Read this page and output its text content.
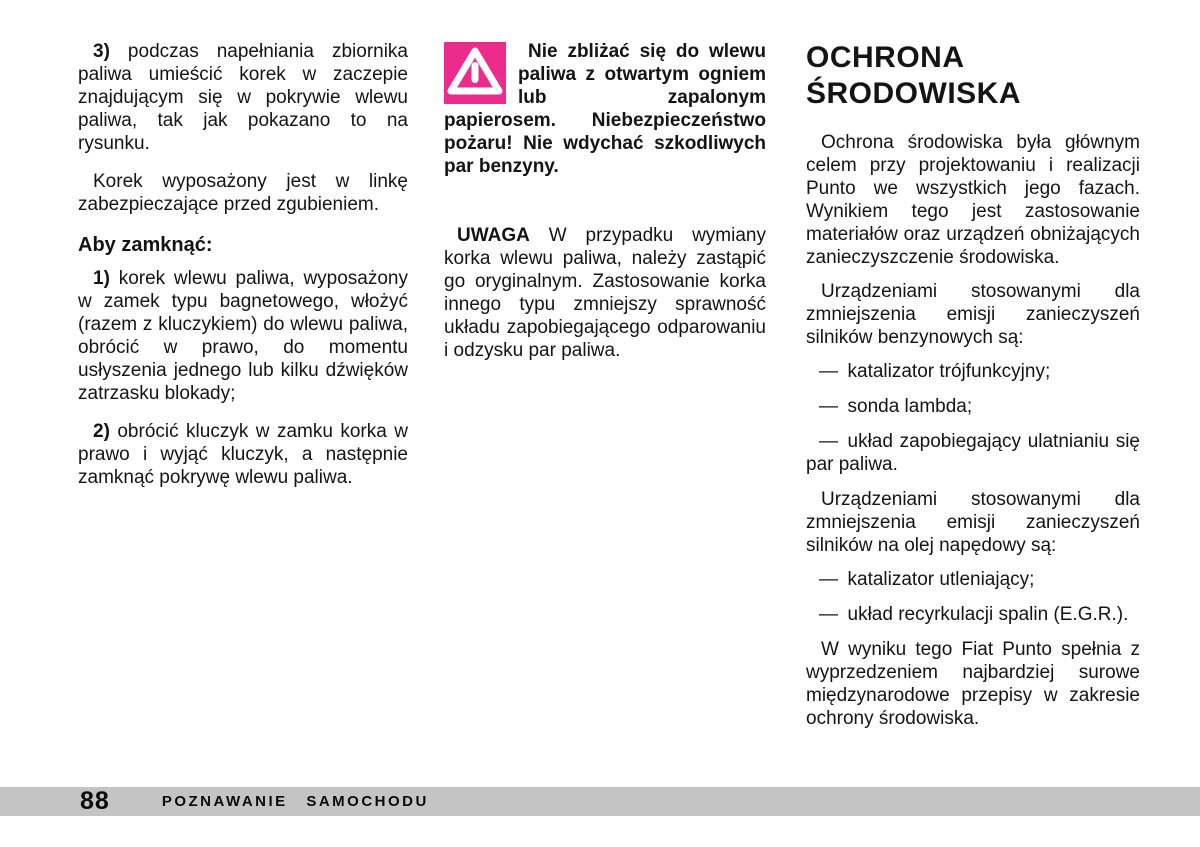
3) podczas napełniania zbiornika paliwa umieścić korek w zaczepie znajdującym się w pokrywie wlewu paliwa, tak jak pokazano to na rysunku.

Korek wyposażony jest w linkę zabezpieczające przed zgubieniem.

Aby zamknąć:

1) korek wlewu paliwa, wyposażony w zamek typu bagnetowego, włożyć (razem z kluczykiem) do wlewu paliwa, obrócić w prawo, do momentu usłyszenia jednego lub kilku dźwięków zatrzasku blokady;

2) obrócić kluczyk w zamku korka w prawo i wyjąć kluczyk, a następnie zamknąć pokrywę wlewu paliwa.

Nie zbliżać się do wlewu paliwa z otwartym ogniem lub zapalonym papierosem. Niebezpieczeństwo pożaru! Nie wdychać szkodliwych par benzyny.

UWAGA W przypadku wymiany korka wlewu paliwa, należy zastąpić go oryginalnym. Zastosowanie korka innego typu zmniejszy sprawność układu zapobiegającego odparowaniu i odzysku par paliwa.

OCHRONA ŚRODOWISKA

Ochrona środowiska była głównym celem przy projektowaniu i realizacji Punto we wszystkich jego fazach. Wynikiem tego jest zastosowanie materiałów oraz urządzeń obniżających zanieczyszczenie środowiska.

Urządzeniami stosowanymi dla zmniejszenia emisji zanieczyszeń silników benzynowych są:

— katalizator trójfunkcyjny;

— sonda lambda;

— układ zapobiegający ulatnianiu się par paliwa.

Urządzeniami stosowanymi dla zmniejszenia emisji zanieczyszeń silników na olej napędowy są:

— katalizator utleniający;

— układ recyrkulacji spalin (E.G.R.).

W wyniku tego Fiat Punto spełnia z wyprzedzeniem najbardziej surowe międzynarodowe przepisy w zakresie ochrony środowiska.

88	POZNAWANIE SAMOCHODU
